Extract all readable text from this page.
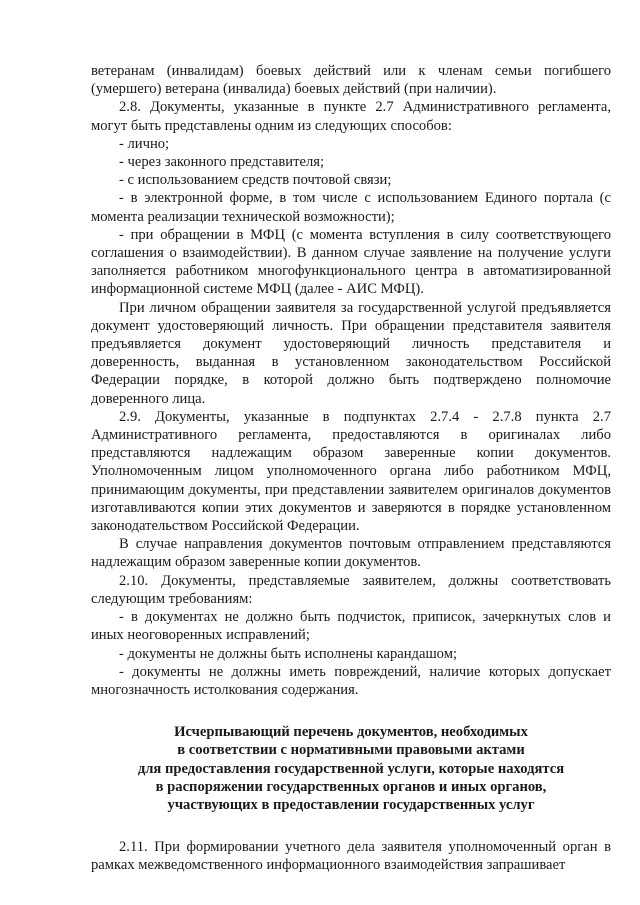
ветеранам (инвалидам) боевых действий или к членам семьи погибшего (умершего) ветерана (инвалида) боевых действий (при наличии).

2.8. Документы, указанные в пункте 2.7 Административного регламента, могут быть представлены одним из следующих способов:

- лично;

- через законного представителя;

- с использованием средств почтовой связи;

- в электронной форме, в том числе с использованием Единого портала (с момента реализации технической возможности);

- при обращении в МФЦ (с момента вступления в силу соответствующего соглашения о взаимодействии). В данном случае заявление на получение услуги заполняется работником многофункционального центра в автоматизированной информационной системе МФЦ (далее - АИС МФЦ).

При личном обращении заявителя за государственной услугой предъявляется документ удостоверяющий личность. При обращении представителя заявителя предъявляется документ удостоверяющий личность представителя и доверенность, выданная в установленном законодательством Российской Федерации порядке, в которой должно быть подтверждено полномочие доверенного лица.

2.9. Документы, указанные в подпунктах 2.7.4 - 2.7.8 пункта 2.7 Административного регламента, предоставляются в оригиналах либо представляются надлежащим образом заверенные копии документов. Уполномоченным лицом уполномоченного органа либо работником МФЦ, принимающим документы, при представлении заявителем оригиналов документов изготавливаются копии этих документов и заверяются в порядке установленном законодательством Российской Федерации.

В случае направления документов почтовым отправлением представляются надлежащим образом заверенные копии документов.

2.10. Документы, представляемые заявителем, должны соответствовать следующим требованиям:

- в документах не должно быть подчисток, приписок, зачеркнутых слов и иных неоговоренных исправлений;

- документы не должны быть исполнены карандашом;

- документы не должны иметь повреждений, наличие которых допускает многозначность истолкования содержания.

Исчерпывающий перечень документов, необходимых
в соответствии с нормативными правовыми актами
для предоставления государственной услуги, которые находятся
в распоряжении государственных органов и иных органов,
участвующих в предоставлении государственных услуг

2.11. При формировании учетного дела заявителя уполномоченный орган в рамках межведомственного информационного взаимодействия запрашивает
